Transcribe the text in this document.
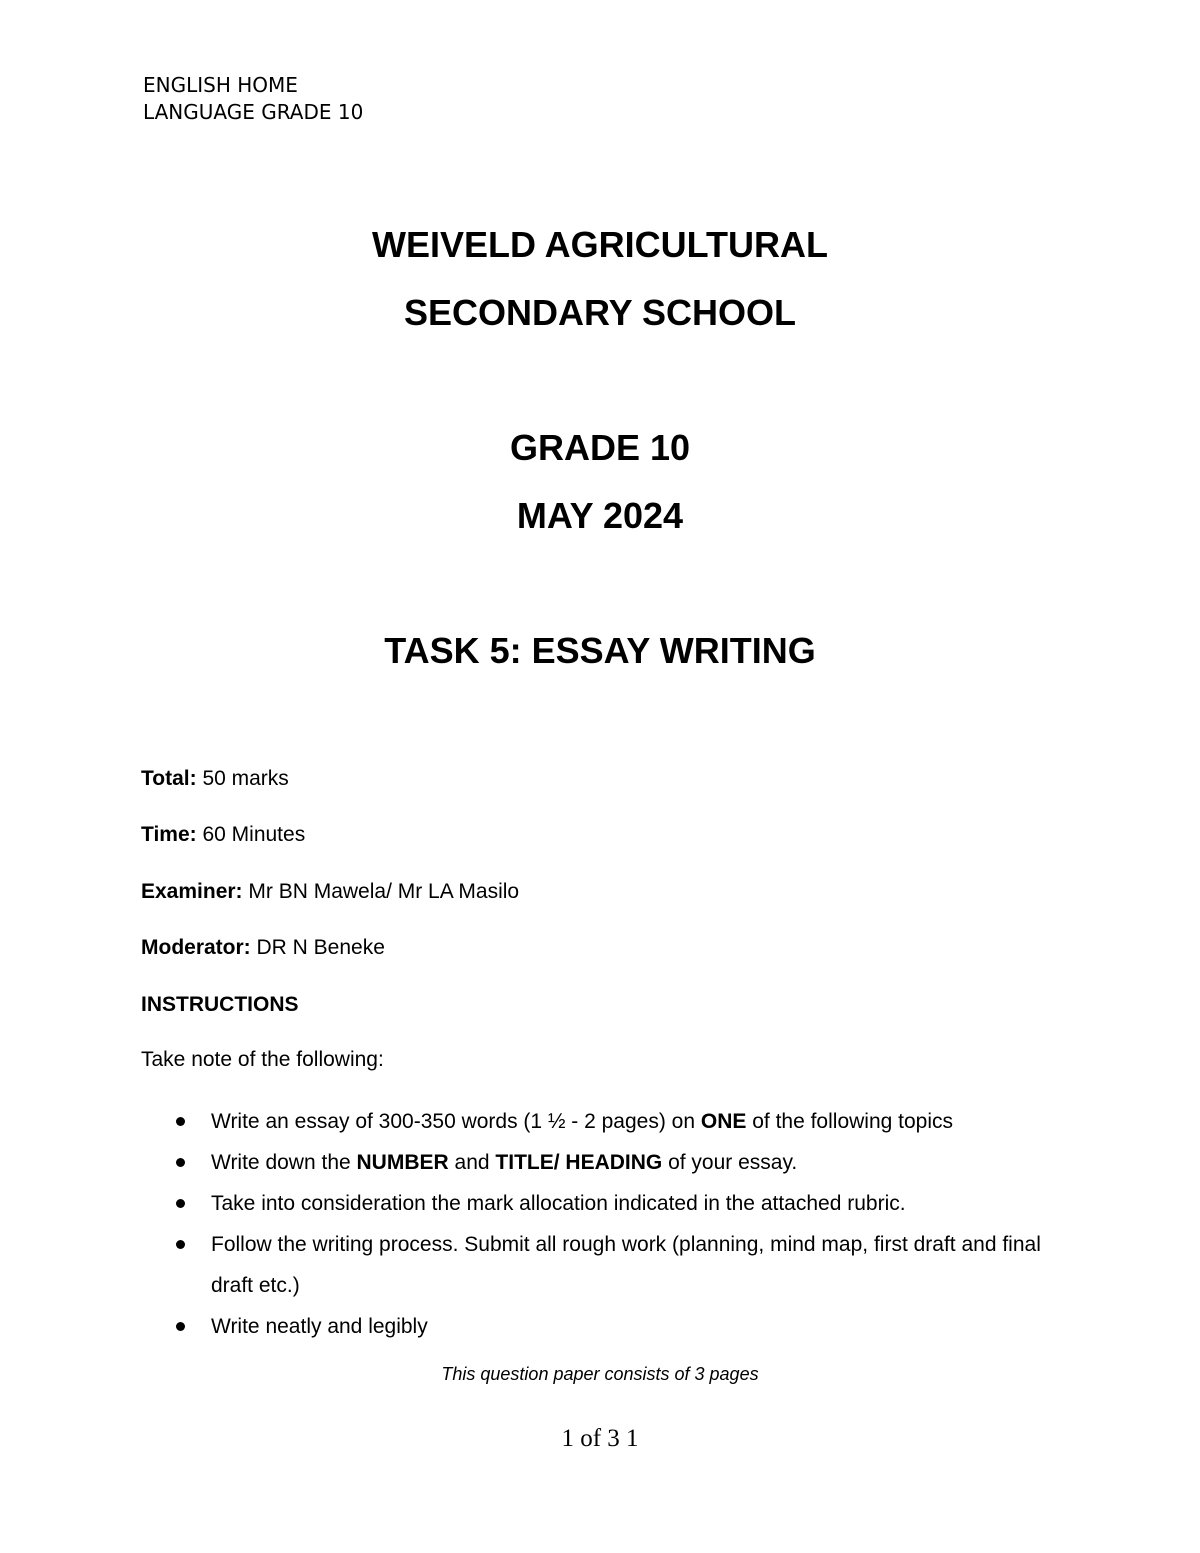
ENGLISH HOME
LANGUAGE GRADE 10
WEIVELD AGRICULTURAL
SECONDARY SCHOOL
GRADE 10
MAY 2024
TASK 5: ESSAY WRITING
Total: 50 marks
Time: 60 Minutes
Examiner: Mr BN Mawela/ Mr LA Masilo
Moderator: DR N Beneke
INSTRUCTIONS
Take note of the following:
Write an essay of 300-350 words (1 ½ - 2 pages) on ONE of the following topics
Write down the NUMBER and TITLE/ HEADING of your essay.
Take into consideration the mark allocation indicated in the attached rubric.
Follow the writing process. Submit all rough work (planning, mind map, first draft and final draft etc.)
Write neatly and legibly
This question paper consists of 3 pages
1 of 3 1
